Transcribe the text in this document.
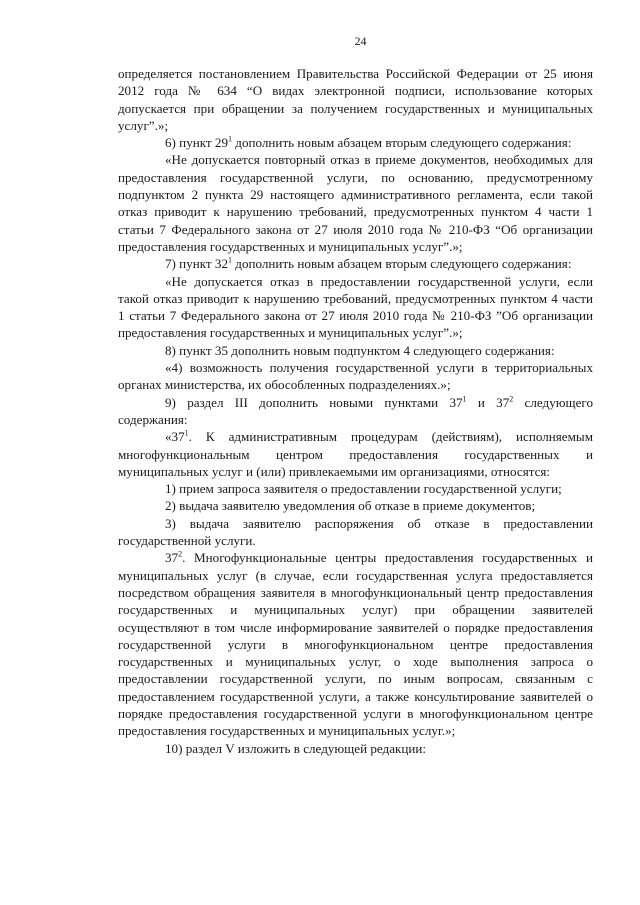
24

определяется постановлением Правительства Российской Федерации от 25 июня 2012 года № 634 “О видах электронной подписи, использование которых допускается при обращении за получением государственных и муниципальных услуг”.»;

6) пункт $29^1$ дополнить новым абзацем вторым следующего содержания:

«Не допускается повторный отказ в приеме документов, необходимых для предоставления государственной услуги, по основанию, предусмотренному подпунктом 2 пункта 29 настоящего административного регламента, если такой отказ приводит к нарушению требований, предусмотренных пунктом 4 части 1 статьи 7 Федерального закона от 27 июля 2010 года № 210-ФЗ “Об организации предоставления государственных и муниципальных услуг”.»;

7) пункт $32^1$ дополнить новым абзацем вторым следующего содержания:

«Не допускается отказ в предоставлении государственной услуги, если такой отказ приводит к нарушению требований, предусмотренных пунктом 4 части 1 статьи 7 Федерального закона от 27 июля 2010 года № 210-ФЗ ”Об организации предоставления государственных и муниципальных услуг”.»;

8) пункт 35 дополнить новым подпунктом 4 следующего содержания:

«4) возможность получения государственной услуги в территориальных органах министерства, их обособленных подразделениях.»;

9) раздел III дополнить новыми пунктами $37^1$ и $37^2$ следующего содержания:

«$37^1$. К административным процедурам (действиям), исполняемым многофункциональным центром предоставления государственных и муниципальных услуг и (или) привлекаемыми им организациями, относятся:

1) прием запроса заявителя о предоставлении государственной услуги;

2) выдача заявителю уведомления об отказе в приеме документов;

3) выдача заявителю распоряжения об отказе в предоставлении государственной услуги.

$37^2$. Многофункциональные центры предоставления государственных и муниципальных услуг (в случае, если государственная услуга предоставляется посредством обращения заявителя в многофункциональный центр предоставления государственных и муниципальных услуг) при обращении заявителей осуществляют в том числе информирование заявителей о порядке предоставления государственной услуги в многофункциональном центре предоставления государственных и муниципальных услуг, о ходе выполнения запроса о предоставлении государственной услуги, по иным вопросам, связанным с предоставлением государственной услуги, а также консультирование заявителей о порядке предоставления государственной услуги в многофункциональном центре предоставления государственных и муниципальных услуг.»;

10) раздел V изложить в следующей редакции:
